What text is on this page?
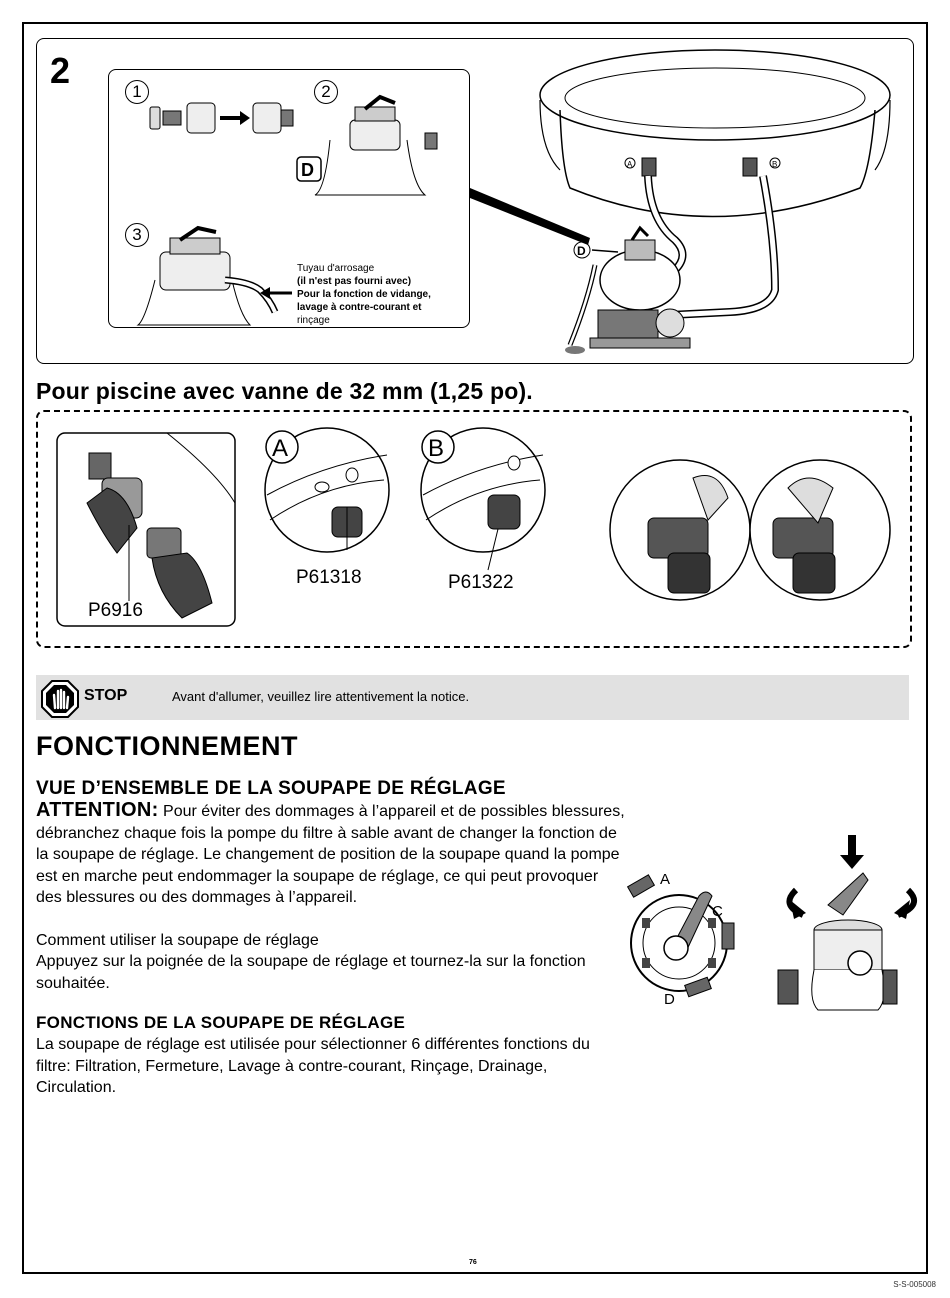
2
A	B
D
1	2
3
D
Tuyau d'arrosage
(il n'est pas fourni avec)
Pour la fonction de vidange,
lavage à contre-courant et
rinçage
Pour piscine avec vanne de 32 mm (1,25 po).
P6916
A
P61318
B
P61322
STOP	Avant d'allumer, veuillez lire attentivement la notice.
FONCTIONNEMENT
VUE D’ENSEMBLE DE LA SOUPAPE DE RÉGLAGE
ATTENTION: Pour éviter des dommages à l’appareil et de possibles blessures, débranchez chaque fois la pompe du filtre à sable avant de changer la fonction de la soupape de réglage. Le changement de position de la soupape quand la pompe est en marche peut endommager la soupape de réglage, ce qui peut provoquer des blessures ou des dommages à l’appareil.
Comment utiliser la soupape de réglage
Appuyez sur la poignée de la soupape de réglage et tournez-la sur la fonction souhaitée.
FONCTIONS DE LA SOUPAPE DE RÉGLAGE
La soupape de réglage est utilisée pour sélectionner 6 différentes fonctions du filtre: Filtration, Fermeture, Lavage à contre-courant, Rinçage, Drainage, Circulation.
A
C
D
76
S-S-005008
